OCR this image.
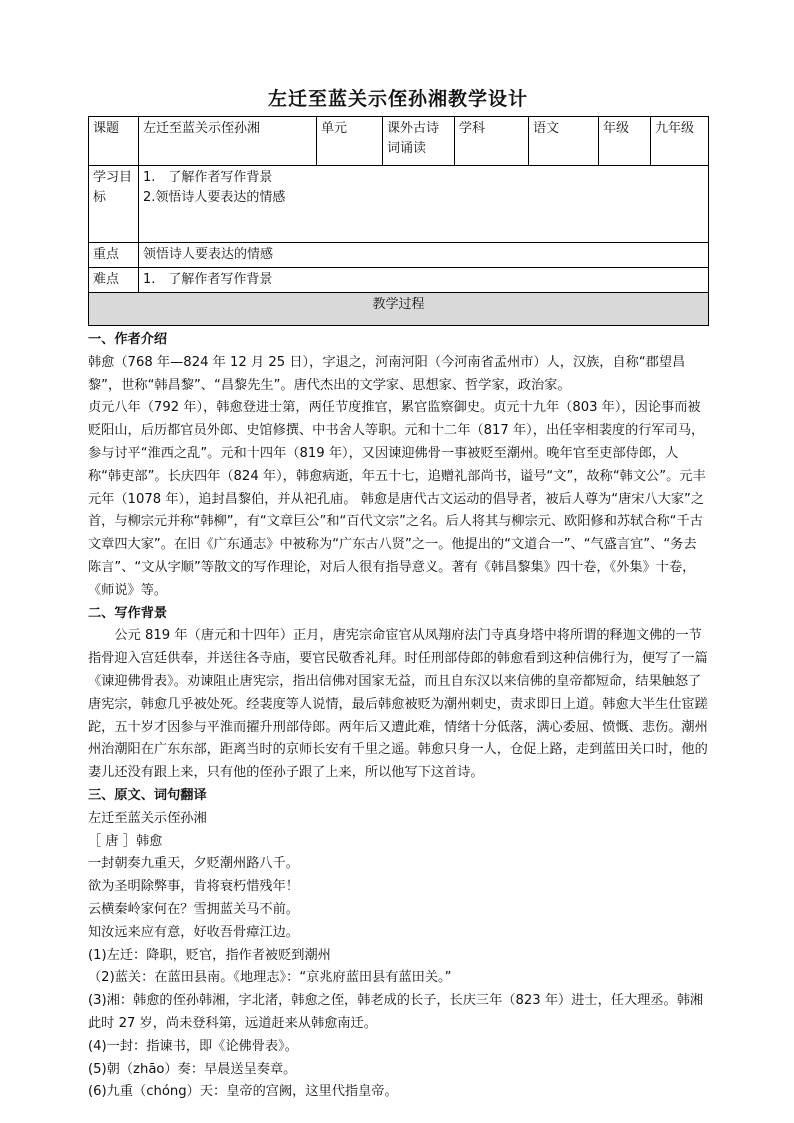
左迁至蓝关示侄孙湘教学设计
课题	左迁至蓝关示侄孙湘	单元	课外古诗词诵读	学科	语文	年级	九年级
学习目标	1.　了解作者写作背景
2.领悟诗人要表达的情感						

重点	领悟诗人要表达的情感						
难点	1.　了解作者写作背景						
教学过程							

一、作者介绍

韩愈（768 年—824 年 12 月 25 日），字退之，河南河阳（今河南省孟州市）人，汉族，自称“郡望昌黎”，世称“韩昌黎”、“昌黎先生”。唐代杰出的文学家、思想家、哲学家，政治家。

贞元八年（792 年），韩愈登进士第，两任节度推官，累官监察御史。贞元十九年（803 年），因论事而被贬阳山，后历都官员外郎、史馆修撰、中书舍人等职。元和十二年（817 年），出任宰相裴度的行军司马，参与讨平“淮西之乱”。元和十四年（819 年），又因谏迎佛骨一事被贬至潮州。晚年官至吏部侍郎，人称“韩吏部”。长庆四年（824 年），韩愈病逝，年五十七，追赠礼部尚书，谥号“文”，故称“韩文公”。元丰元年（1078 年），追封昌黎伯，并从祀孔庙。 韩愈是唐代古文运动的倡导者，被后人尊为“唐宋八大家”之首，与柳宗元并称“韩柳”，有“文章巨公”和“百代文宗”之名。后人将其与柳宗元、欧阳修和苏轼合称“千古文章四大家”。在旧《广东通志》中被称为“广东古八贤”之一。他提出的“文道合一”、“气盛言宜”、“务去陈言”、“文从字顺”等散文的写作理论，对后人很有指导意义。著有《韩昌黎集》四十卷，《外集》十卷，《师说》等。

二、写作背景

公元 819 年（唐元和十四年）正月，唐宪宗命宦官从凤翔府法门寺真身塔中将所谓的释迦文佛的一节指骨迎入宫廷供奉，并送往各寺庙，要官民敬香礼拜。时任刑部侍郎的韩愈看到这种信佛行为，便写了一篇《谏迎佛骨表》。劝谏阻止唐宪宗，指出信佛对国家无益，而且自东汉以来信佛的皇帝都短命，结果触怒了唐宪宗，韩愈几乎被处死。经裴度等人说情，最后韩愈被贬为潮州刺史，责求即日上道。韩愈大半生仕宦蹉跎，五十岁才因参与平淮而擢升刑部侍郎。两年后又遭此难，情绪十分低落，满心委屈、愤慨、悲伤。潮州州治潮阳在广东东部，距离当时的京师长安有千里之遥。韩愈只身一人，仓促上路，走到蓝田关口时，他的妻儿还没有跟上来，只有他的侄孙子跟了上来，所以他写下这首诗。

三、原文、词句翻译

左迁至蓝关示侄孙湘

［ 唐 ］韩愈

一封朝奏九重天，夕贬潮州路八千。

欲为圣明除弊事，肯将衰朽惜残年！

云横秦岭家何在？雪拥蓝关马不前。

知汝远来应有意，好收吾骨瘴江边。

(1)左迁：降职，贬官，指作者被贬到潮州

（2)蓝关：在蓝田县南。《地理志》：“京兆府蓝田县有蓝田关。”

(3)湘：韩愈的侄孙韩湘，字北渚，韩愈之侄，韩老成的长子，长庆三年（823 年）进士，任大理丞。韩湘此时 27 岁，尚未登科第，远道赶来从韩愈南迁。

(4)一封：指谏书，即《论佛骨表》。

(5)朝（zhāo）奏：早晨送呈奏章。

(6)九重（chóng）天：皇帝的宫阙，这里代指皇帝。
